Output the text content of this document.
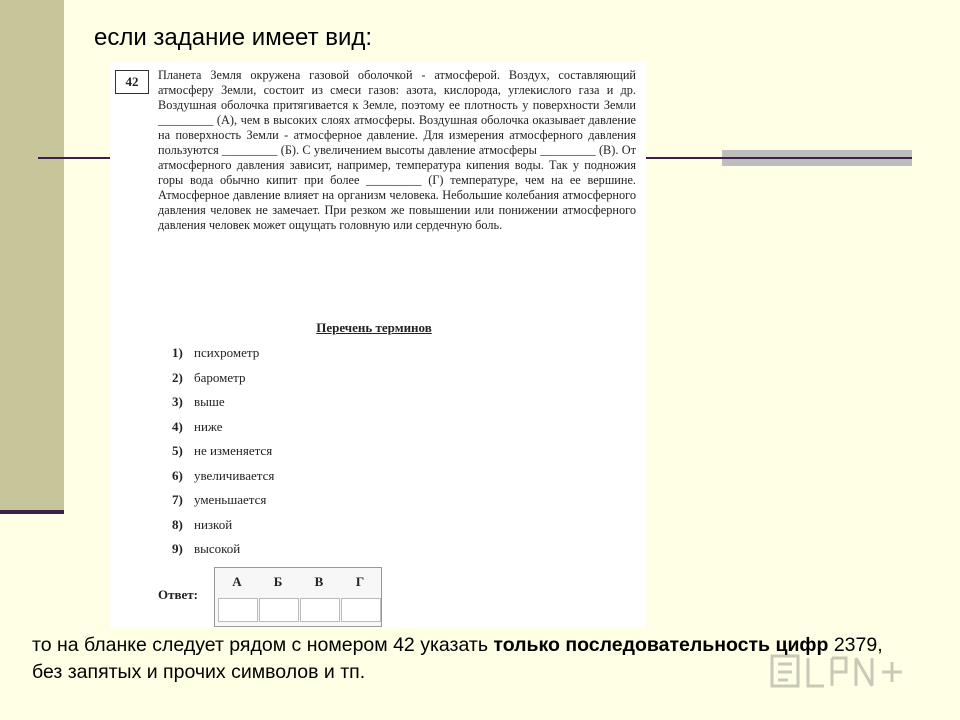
если задание имеет вид:
42	Планета Земля окружена газовой оболочкой - атмосферой. Воздух, составляющий атмосферу Земли, состоит из смеси газов: азота, кислорода, углекислого газа и др. Воздушная оболочка притягивается к Земле, поэтому ее плотность у поверхности Земли _________ (А), чем в высоких слоях атмосферы. Воздушная оболочка оказывает давление на поверхность Земли - атмосферное давление. Для измерения атмосферного давления пользуются _________ (Б). С увеличением высоты давление атмосферы _________ (В). От атмосферного давления зависит, например, температура кипения воды. Так у подножия горы вода обычно кипит при более _________ (Г) температуре, чем на ее вершине. Атмосферное давление влияет на организм человека. Небольшие колебания атмосферного давления человек не замечает. При резком же повышении или понижении атмосферного давления человек может ощущать головную или сердечную боль.

Перечень терминов
1) психрометр
2) барометр
3) выше
4) ниже
5) не изменяется
6) увеличивается
7) уменьшается
8) низкой
9) высокой
Ответ:
А	Б	В	Г

то на бланке следует рядом с номером 42 указать только последовательность цифр 2379, без запятых и прочих символов и тп.
